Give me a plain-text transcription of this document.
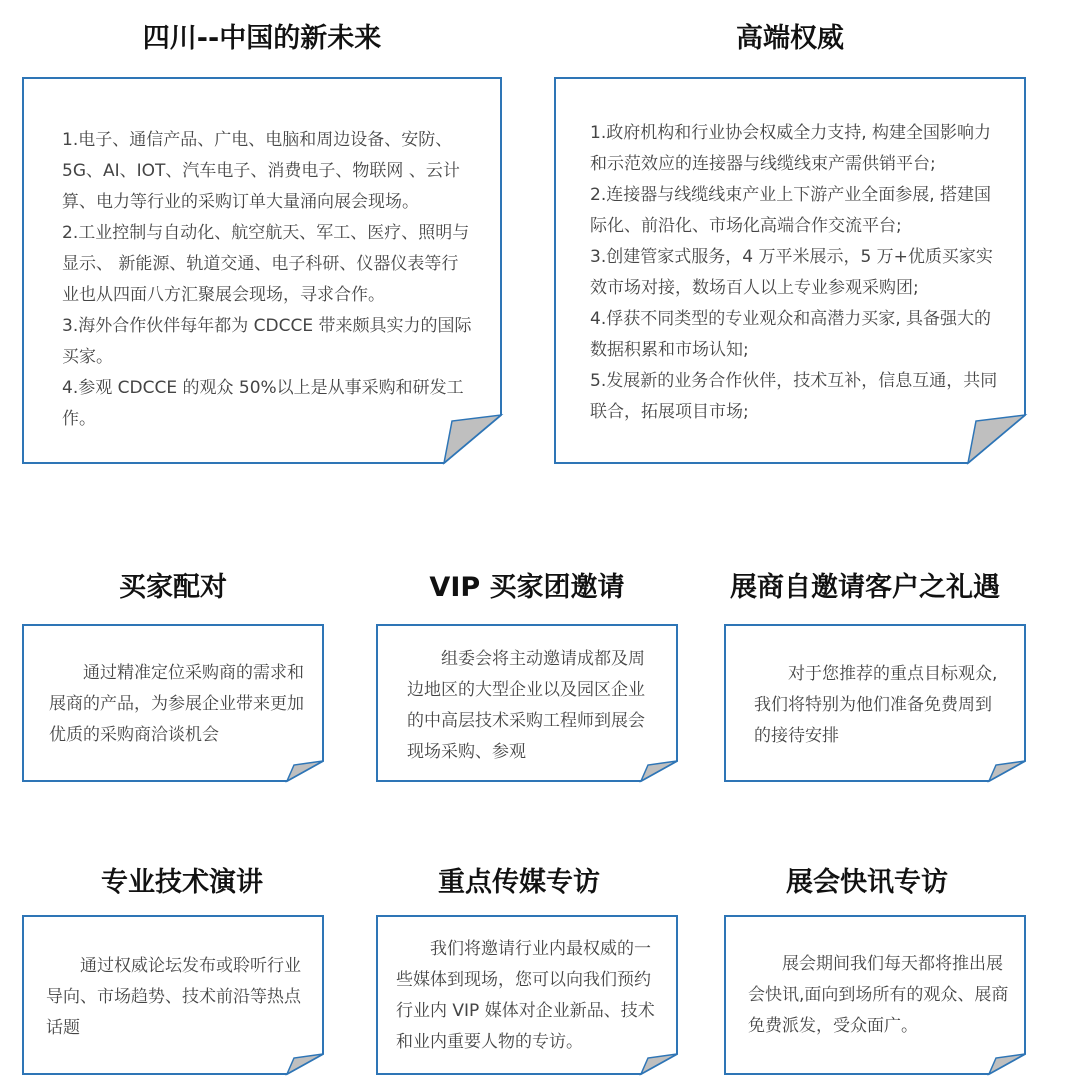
四川--中国的新未来

1.电子、通信产品、广电、电脑和周边设备、安防、5G、AI、IOT、汽车电子、消费电子、物联网 、云计算、电力等行业的采购订单大量涌向展会现场。

2.工业控制与自动化、航空航天、军工、医疗、照明与显示、 新能源、轨道交通、电子科研、仪器仪表等行业也从四面八方汇聚展会现场，寻求合作。

3.海外合作伙伴每年都为 CDCCE 带来颇具实力的国际买家。

4.参观 CDCCE 的观众 50%以上是从事采购和研发工作。

高端权威

1.政府机构和行业协会权威全力支持, 构建全国影响力和示范效应的连接器与线缆线束产需供销平台;

2.连接器与线缆线束产业上下游产业全面参展, 搭建国际化、前沿化、市场化高端合作交流平台;

3.创建管家式服务，4 万平米展示，5 万+优质买家实效市场对接，数场百人以上专业参观采购团;

4.俘获不同类型的专业观众和高潜力买家, 具备强大的数据积累和市场认知;

5.发展新的业务合作伙伴，技术互补，信息互通，共同联合，拓展项目市场;

买家配对

通过精准定位采购商的需求和展商的产品，为参展企业带来更加优质的采购商洽谈机会

VIP 买家团邀请

组委会将主动邀请成都及周边地区的大型企业以及园区企业的中高层技术采购工程师到展会现场采购、参观

展商自邀请客户之礼遇

对于您推荐的重点目标观众, 我们将特别为他们准备免费周到的接待安排

专业技术演讲

通过权威论坛发布或聆听行业导向、市场趋势、技术前沿等热点话题

重点传媒专访

我们将邀请行业内最权威的一些媒体到现场，您可以向我们预约行业内 VIP 媒体对企业新品、技术和业内重要人物的专访。

展会快讯专访

展会期间我们每天都将推出展会快讯,面向到场所有的观众、展商免费派发，受众面广。
